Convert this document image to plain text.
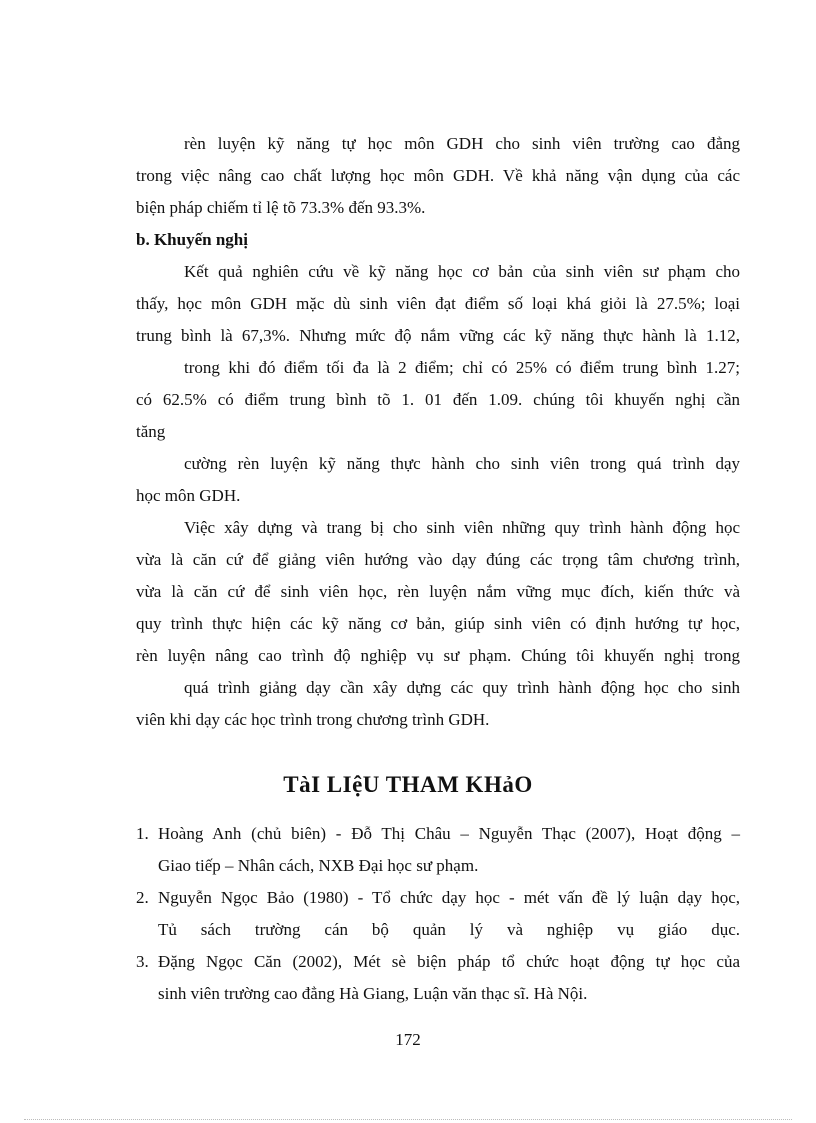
rèn luyện kỹ năng tự học môn GDH cho sinh viên trường cao đẳng
trong việc nâng cao chất lượng học môn GDH. Về khả năng vận dụng của các
biện pháp chiếm tỉ lệ tõ 73.3% đến 93.3%.
b. Khuyến nghị
Kết quả nghiên cứu về kỹ năng học cơ bản của sinh viên sư phạm cho
thấy, học môn GDH mặc dù sinh viên đạt điểm số loại khá giỏi là 27.5%; loại
trung bình là 67,3%. Nhưng mức độ nắm vững các kỹ năng thực hành là 1.12,
trong khi đó điểm tối đa là 2 điểm; chỉ có 25% có điểm trung bình 1.27;
có 62.5% có điểm trung bình tõ 1. 01 đến 1.09. chúng tôi khuyến nghị cần
tăng
cường rèn luyện kỹ năng thực hành cho sinh viên trong quá trình dạy
học môn GDH.
Việc xây dựng và trang bị cho sinh viên những quy trình hành động học
vừa là căn cứ để giảng viên hướng vào dạy đúng các trọng tâm chương trình,
vừa là căn cứ để sinh viên học, rèn luyện nắm vững mục đích, kiến thức và
quy trình thực hiện các kỹ năng cơ bản, giúp sinh viên có định hướng tự học,
rèn luyện nâng cao trình độ nghiệp vụ sư phạm. Chúng tôi khuyến nghị trong
quá trình giảng dạy cần xây dựng các quy trình hành động học cho sinh
viên khi dạy các học trình trong chương trình GDH.
TàI LIệU THAM KHảO
1. Hoàng Anh (chủ biên) - Đỗ Thị Châu – Nguyễn Thạc (2007), Hoạt động –
Giao tiếp – Nhân cách, NXB Đại học sư phạm.
2. Nguyễn Ngọc Bảo (1980) - Tổ chức dạy học - mét vấn đề lý luận dạy học,
Tủ sách trường cán bộ quản lý và nghiệp vụ giáo dục.
3. Đặng Ngọc Căn (2002), Mét sè biện pháp tổ chức hoạt động tự học của
sinh viên trường cao đẳng Hà Giang, Luận văn thạc sĩ. Hà Nội.
172
